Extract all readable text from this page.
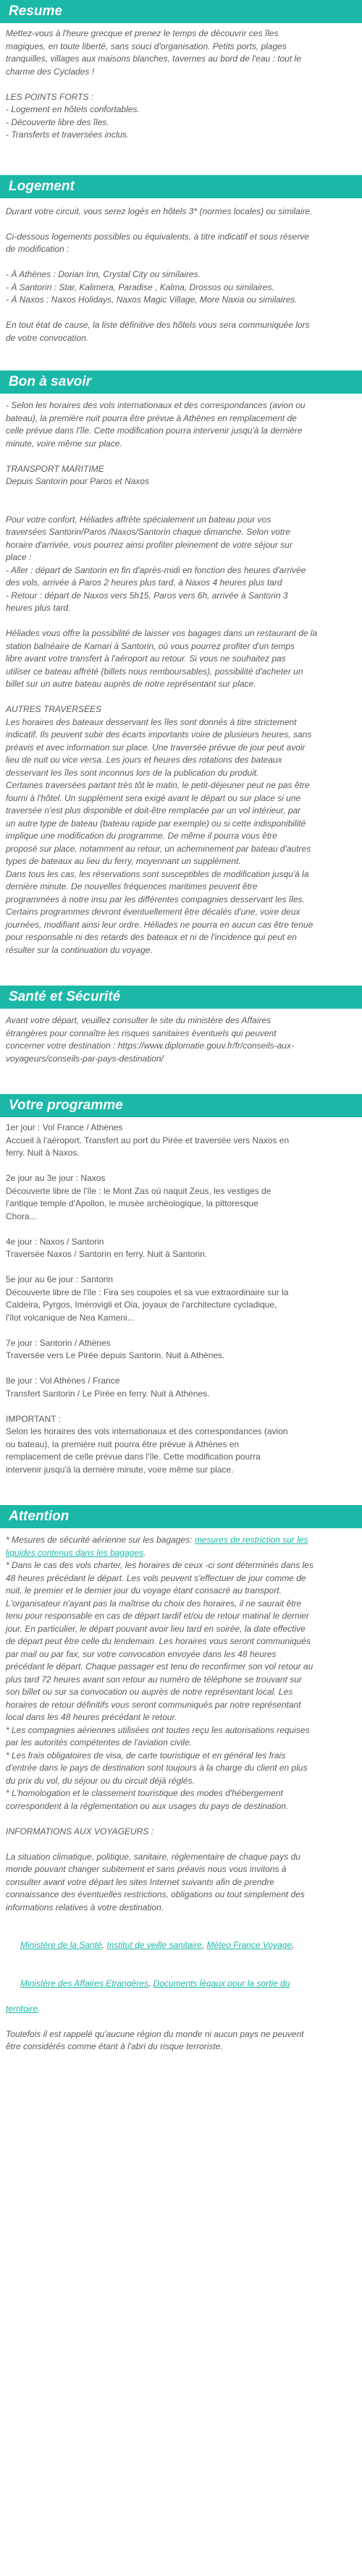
Resume

Mettez-vous à l'heure grecque et prenez le temps de découvrir ces îles

magiques, en toute liberté, sans souci d'organisation. Petits ports, plages

tranquilles, villages aux maisons blanches, tavernes au bord de l'eau : tout le

charme des Cyclades !

LES POINTS FORTS :

- Logement en hôtels confortables.

- Découverte libre des îles.

- Transferts et traversées inclus.

Logement

Durant votre circuit, vous serez logés en hôtels 3* (normes locales) ou similaire.

Ci-dessous logements possibles ou équivalents, à titre indicatif et sous réserve

de modification :

- À Athènes : Dorian Inn, Crystal City ou similaires.

- À Santorin : Star, Kalimera, Paradise , Kalma, Drossos ou similaires.

- À Naxos : Naxos Holidays, Naxos Magic Village, More Naxia ou similaires.

En tout état de cause, la liste définitive des hôtels vous sera communiquée lors

de votre convocation.

Bon à savoir

- Selon les horaires des vols internationaux et des correspondances (avion ou

bateau), la première nuit pourra être prévue à Athènes en remplacement de

celle prévue dans l'île. Cette modification pourra intervenir jusqu'à la dernière

minute, voire même sur place.

TRANSPORT MARITIME

Depuis Santorin pour Paros et Naxos

Pour votre confort, Héliades affrète spécialement un bateau pour vos

traversées Santorin/Paros /Naxos/Santorin chaque dimanche. Selon votre

horaire d'arrivée, vous pourrez ainsi profiter pleinement de votre séjour sur

place :

- Aller : départ de Santorin en fin d'après-midi en fonction des heures d'arrivée

des vols, arrivée à Paros 2 heures plus tard, à Naxos 4 heures plus tard

- Retour : départ de Naxos vers 5h15, Paros vers 6h, arrivée à Santorin 3

heures plus tard.

Héliades vous offre la possibilité de laisser vos bagages dans un restaurant de la

station balnéaire de Kamari à Santorin, où vous pourrez profiter d'un temps

libre avant votre transfert à l'aéroport au retour. Si vous ne souhaitez pas

utiliser ce bateau affrété (billets nous remboursables), possibilité d'acheter un

billet sur un autre bateau auprès de notre représentant sur place.

AUTRES TRAVERSEES

Les horaires des bateaux desservant les îles sont donnés à titre strictement

indicatif. Ils peuvent subir des écarts importants voire de plusieurs heures, sans

préavis et avec information sur place. Une traversée prévue de jour peut avoir

lieu de nuit ou vice versa. Les jours et heures des rotations des bateaux

desservant les îles sont inconnus lors de la publication du produit.

Certaines traversées partant très tôt le matin, le petit-déjeuner peut ne pas être

fourni à l'hôtel. Un supplément sera exigé avant le départ ou sur place si une

traversée n'est plus disponible et doit-être remplacée par un vol intérieur, par

un autre type de bateau (bateau rapide par exemple) ou si cette indisponibilité

implique une modification du programme. De même il pourra vous être

proposé sur place, notamment au retour, un acheminement par bateau d'autres

types de bateaux au lieu du ferry, moyennant un supplément.

Dans tous les cas, les réservations sont susceptibles de modification jusqu'à la

dernière minute. De nouvelles fréquences maritimes peuvent être

programmées à notre insu par les différentes compagnies desservant les îles.

Certains programmes devront éventuellement être décalés d'une, voire deux

journées, modifiant ainsi leur ordre. Héliades ne pourra en aucun cas être tenue

pour responsable ni des retards des bateaux et ni de l'incidence qui peut en

résulter sur la continuation du voyage.

Santé et Sécurité

Avant votre départ, veuillez consulter le site du ministère des Affaires

étrangères pour connaître les risques sanitaires éventuels qui peuvent

concerner votre destination : https://www.diplomatie.gouv.fr/fr/conseils-aux-

voyageurs/conseils-par-pays-destination/

Votre programme

1er jour : Vol France / Athènes

Accueil à l'aéroport. Transfert au port du Pirée et traversée vers Naxos en

ferry. Nuit à Naxos.

2e jour au 3e jour : Naxos

Découverte libre de l'île : le Mont Zas où naquit Zeus, les vestiges de

l'antique temple d'Apollon, le musée archéologique, la pittoresque

Chora...

4e jour : Naxos / Santorin

Traversée Naxos / Santorin en ferry. Nuit à Santorin.

5e jour au 6e jour : Santorin

Découverte libre de l'île : Fira ses coupoles et sa vue extraordinaire sur la

Caldeira, Pyrgos, Imérovigli et Oia, joyaux de l'architecture cycladique,

l'îlot volcanique de Nea Kameni...

7e jour : Santorin / Athènes

Traversée vers Le Pirée depuis Santorin. Nuit à Athènes.

8e jour : Vol Athènes / France

Transfert Santorin / Le Pirée en ferry. Nuit à Athènes.

IMPORTANT :

Selon les horaires des vols internationaux et des correspondances (avion

ou bateau), la première nuit pourra être prévue à Athènes en

remplacement de celle prévue dans l'île. Cette modification pourra

intervenir jusqu'à la dernière minute, voire même sur place.

Attention

* Mesures de sécurité aérienne sur les bagages: mesures de restriction sur les

liquides contenus dans les bagages.

* Dans le cas des vols charter, les horaires de ceux -ci sont déterminés dans les

48 heures précédant le départ. Les vols peuvent s'effectuer de jour comme de

nuit, le premier et le dernier jour du voyage étant consacré au transport.

L'organisateur n'ayant pas la maîtrise du choix des horaires, il ne saurait être

tenu pour responsable en cas de départ tardif et/ou de retour matinal le dernier

jour. En particulier, le départ pouvant avoir lieu tard en soirée, la date effective

de départ peut être celle du lendemain. Les horaires vous seront communiqués

par mail ou par fax, sur votre convocation envoyée dans les 48 heures

précédant le départ. Chaque passager est tenu de reconfirmer son vol retour au

plus tard 72 heures avant son retour au numéro de téléphone se trouvant sur

son billet ou sur sa convocation ou auprès de notre représentant local. Les

horaires de retour définitifs vous seront communiqués par notre représentant

local dans les 48 heures précédant le retour.

* Les compagnies aériennes utilisées ont toutes reçu les autorisations requises

par les autorités compétentes de l'aviation civile.

* Les frais obligatoires de visa, de carte touristique et en général les frais

d'entrée dans le pays de destination sont toujours à la charge du client en plus

du prix du vol, du séjour ou du circuit déjà réglés.

* L'homologation et le classement touristique des modes d'hébergement

correspondent à la réglementation ou aux usages du pays de destination.

INFORMATIONS AUX VOYAGEURS :

La situation climatique, politique, sanitaire, réglementaire de chaque pays du

monde pouvant changer subitement et sans préavis nous vous invitons à

consulter avant votre départ les sites Internet suivants afin de prendre

connaissance des éventuelles restrictions, obligations ou tout simplement des

informations relatives à votre destination.

Ministère de la Santé, Institut de veille sanitaire, Méteo France Voyage,

Ministère des Affaires Etrangères, Documents légaux pour la sortie du

territoire.

Toutefois il est rappelé qu'aucune région du monde ni aucun pays ne peuvent

être considérés comme étant à l'abri du risque terroriste.
